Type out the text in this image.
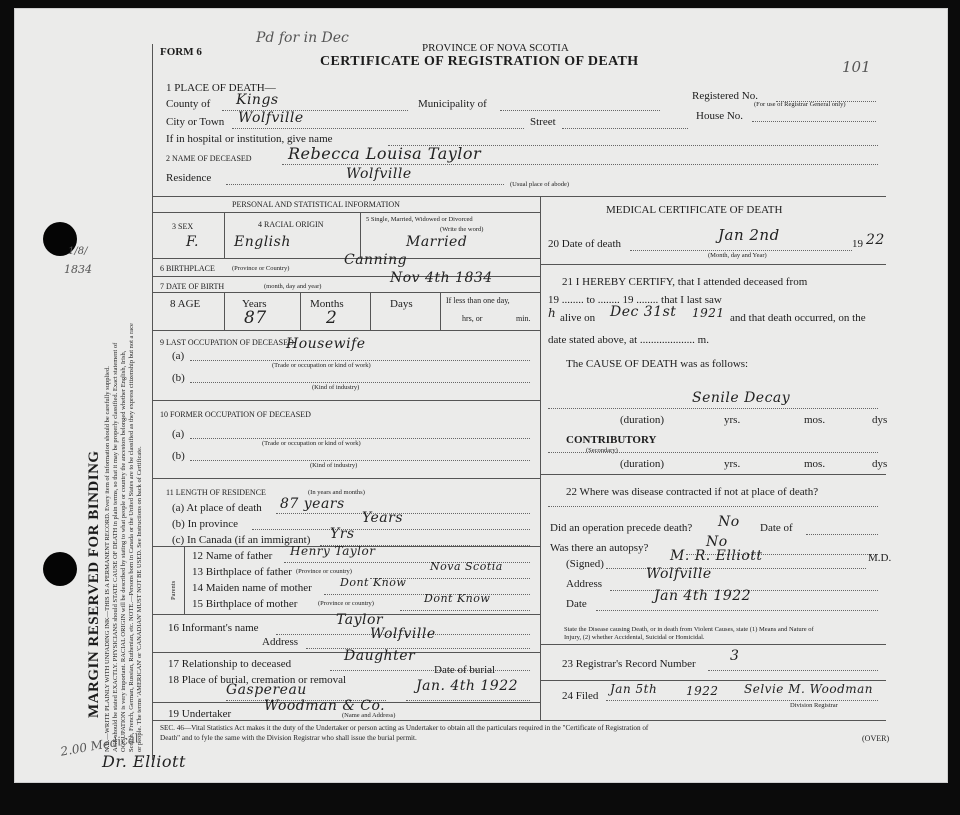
MARGIN RESERVED FOR BINDING N.B.—WRITE PLAINLY WITH UNFADING INK—THIS IS A PERMANENT RECORD. Every item of information should be carefully supplied. AGE should be stated EXACTLY. PHYSICIANS should STATE CAUSE OF DEATH in plain terms, so that it may be properly classified. Exact statement of OCCUPATION is very important. RACIAL ORIGIN will be described by stating to what people or country the ancestors belonged whether English, Irish, Scotch, French, German, Russian, Ruthenian, etc. NOTE.—Persons born in Canada or the United States are to be classified as they express citizenship but not a race or people. The terms 'AMERICAN' or 'CANADIAN' MUST NOT BE USED. See Instructions on back of Certificate.
1/8/
1834
2.00 Medical
Dr. Elliott
FORM 6
Pd for in Dec
101
PROVINCE OF NOVA SCOTIA
CERTIFICATE OF REGISTRATION OF DEATH
1 PLACE OF DEATH—
County of Kings	Municipality of
Registered No.
(For use of Registrar General only)
City or Town Wolfville	Street	House No.
If in hospital or institution, give name
2 NAME OF DECEASED Rebecca Louisa Taylor
Residence	Wolfville
(Usual place of abode)
PERSONAL AND STATISTICAL INFORMATION
3 SEX
F.
4 RACIAL ORIGIN
English
5 Single, Married, Widowed or Divorced
(Write the word)
Married
6 BIRTHPLACE	(Province or Country)
Canning
7 DATE OF BIRTH	(month, day and year)
Nov 4th 1834
8 AGE	Years
87
Months
2
Days	If less than one day,
hrs, or	min.
9 LAST OCCUPATION OF DECEASED
(a)
Housewife
(Trade or occupation or kind of work)
(b)
(Kind of industry)
10 FORMER OCCUPATION OF DECEASED
(a)
(Trade or occupation or kind of work)
(b)
(Kind of industry)
11 LENGTH OF RESIDENCE	(In years and months)
(a) At place of death 87 years
(b) In province	Years
(c) In Canada (if an immigrant) Yrs
Parents
12 Name of father Henry Taylor
13 Birthplace of father (Province or country)	Nova Scotia
14 Maiden name of mother	Dont Know
15 Birthplace of mother	(Province or country)	Dont Know
16 Informant's name	Taylor
Address	Wolfville
17 Relationship to deceased	Daughter
18 Place of burial, cremation or removal
Gaspereau
Date of burial
Jan. 4th 1922
19 Undertaker Woodman & Co.
(Name and Address)
MEDICAL CERTIFICATE OF DEATH
20 Date of death	Jan 2nd	19 22
(Month, day and Year)
21 I HEREBY CERTIFY, that I attended deceased from
19 ........ to ........ 19 ........ that I last saw
h alive on Dec 31st 1921 and that death occurred, on the
date stated above, at .................... m.
The CAUSE OF DEATH was as follows:
Senile Decay
(duration)	yrs.	mos.	dys
CONTRIBUTORY
(Secondary)
(duration)	yrs.	mos.	dys
22 Where was disease contracted if not at place of death?
Did an operation precede death? No Date of
Was there an autopsy?	No
(Signed)	M. R. Elliott	M.D.
Address
Wolfville
Date	Jan 4th 1922
State the Disease causing Death, or in death from Violent Causes, state (1) Means and Nature of
Injury, (2) whether Accidental, Suicidal or Homicidal.
23 Registrar's Record Number 3
24 Filed Jan 5th 1922 Selvie M. Woodman
Division Registrar
SEC. 46—Vital Statistics Act makes it the duty of the Undertaker or person acting as Undertaker to obtain all the particulars required in the "Certificate of Registration of
Death" and to fyle the same with the Division Registrar who shall issue the burial permit.	(OVER)
